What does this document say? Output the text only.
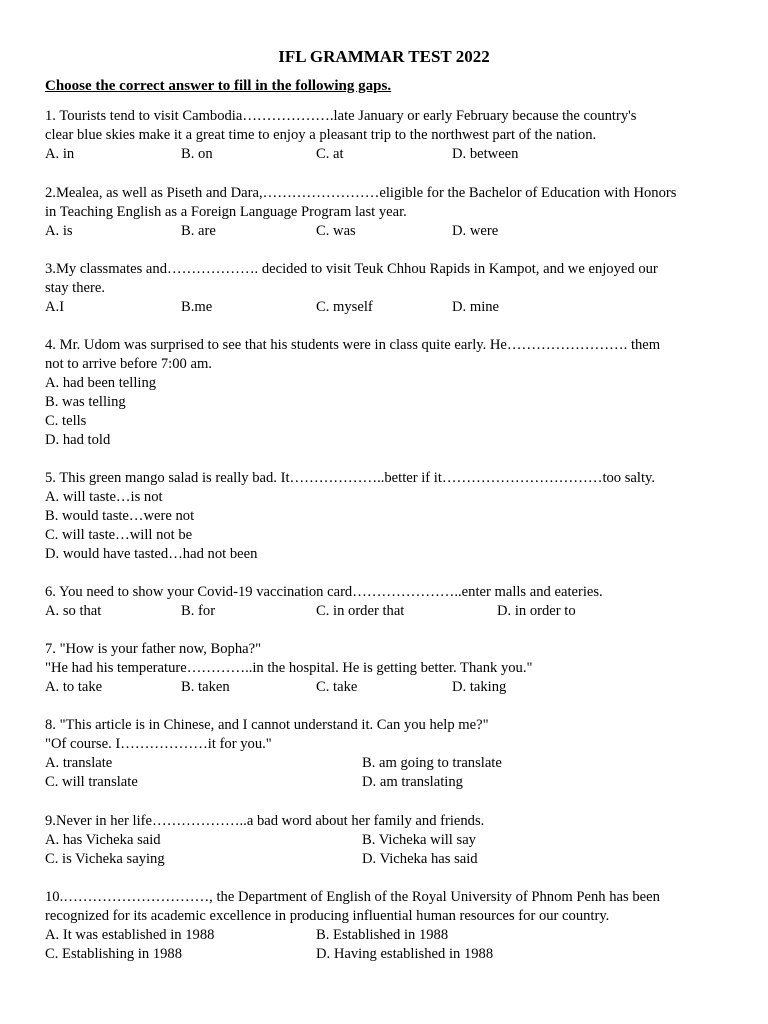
IFL GRAMMAR TEST 2022
Choose the correct answer to fill in the following gaps.

1. Tourists tend to visit Cambodia……………….late January or early February because the country's

clear blue skies make it a great time to enjoy a pleasant trip to the northwest part of the nation.

A. in	B. on	C. at	D. between

2.Mealea, as well as Piseth and Dara,……………………eligible for the Bachelor of Education with Honors

in Teaching English as a Foreign Language Program last year.

A. is	B. are	C. was	D. were

3.My classmates and………………. decided to visit Teuk Chhou Rapids in Kampot, and we enjoyed our

stay there.

A.I	B.me	C. myself	D. mine

4. Mr. Udom was surprised to see that his students were in class quite early. He……………………. them

not to arrive before 7:00 am.

A. had been telling
B. was telling
C. tells
D. had told

5. This green mango salad is really bad. It………………..better if it……………………………too salty.

A. will taste…is not
B. would taste…were not
C. will taste…will not be
D. would have tasted…had not been

6. You need to show your Covid-19 vaccination card…………………..enter malls and eateries.

A. so that	B. for	C. in order that	D. in order to

7. "How is your father now, Bopha?"

"He had his temperature…………..in the hospital. He is getting better. Thank you."

A. to take	B. taken	C. take	D. taking

8. "This article is in Chinese, and I cannot understand it. Can you help me?"

"Of course. I………………it for you."

A. translate	B. am going to translate
C. will translate	D. am translating

9.Never in her life………………..a bad word about her family and friends.

A. has Vicheka said	B. Vicheka will say
C. is Vicheka saying	D. Vicheka has said

10.…………………………, the Department of English of the Royal University of Phnom Penh has been

recognized for its academic excellence in producing influential human resources for our country.

A. It was established in 1988	B. Established in 1988
C. Establishing in 1988	D. Having established in 1988
